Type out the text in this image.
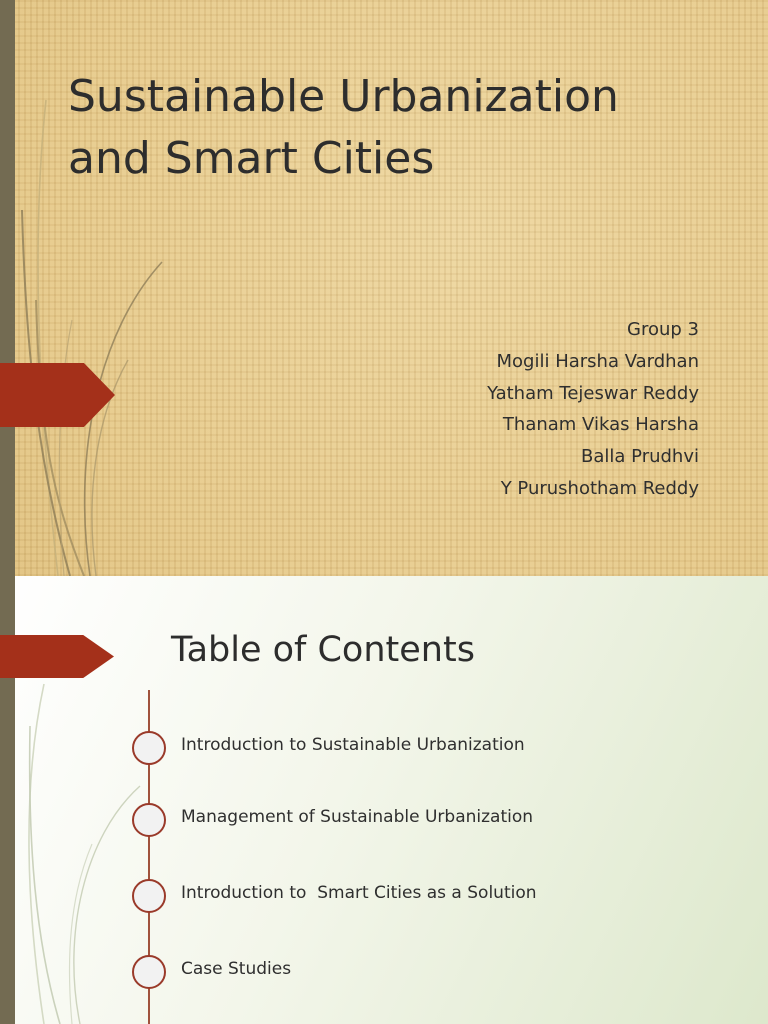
Sustainable Urbanization
and Smart Cities
Group 3
Mogili Harsha Vardhan
Yatham Tejeswar Reddy
Thanam Vikas Harsha
Balla Prudhvi
Y Purushotham Reddy
Table of Contents
Introduction to Sustainable Urbanization
Management of Sustainable Urbanization
Introduction to  Smart Cities as a Solution
Case Studies
